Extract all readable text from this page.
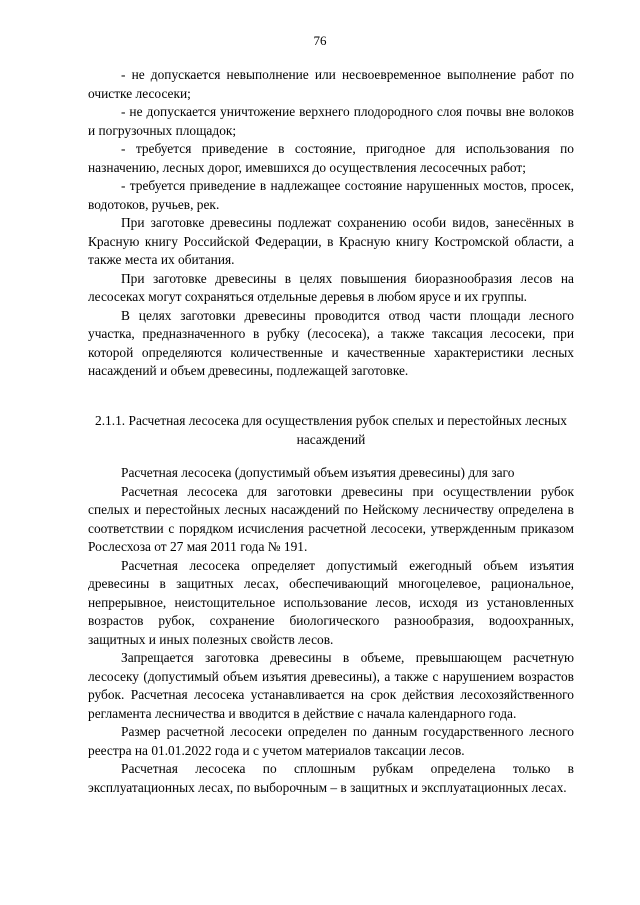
76

- не допускается невыполнение или несвоевременное выполнение работ по очистке лесосеки;

- не допускается уничтожение верхнего плодородного слоя почвы вне волоков и погрузочных площадок;

- требуется приведение в состояние, пригодное для использования по назначению, лесных дорог, имевшихся до осуществления лесосечных работ;

- требуется приведение в надлежащее состояние нарушенных мостов, просек, водотоков, ручьев, рек.

При заготовке древесины подлежат сохранению особи видов, занесённых в Красную книгу Российской Федерации, в Красную книгу Костромской области, а также места их обитания.

При заготовке древесины в целях повышения биоразнообразия лесов на лесосеках могут сохраняться отдельные деревья в любом ярусе и их группы.

В целях заготовки древесины проводится отвод части площади лесного участка, предназначенного в рубку (лесосека), а также таксация лесосеки, при которой определяются количественные и качественные характеристики лесных насаждений и объем древесины, подлежащей заготовке.

2.1.1. Расчетная лесосека для осуществления рубок спелых и перестойных лесных насаждений

Расчетная лесосека (допустимый объем изъятия древесины) для заго

Расчетная лесосека для заготовки древесины при осуществлении рубок спелых и перестойных лесных насаждений по Нейскому лесничеству определена в соответствии с порядком исчисления расчетной лесосеки, утвержденным приказом Рослесхоза от 27 мая 2011 года № 191.

Расчетная лесосека определяет допустимый ежегодный объем изъятия древесины в защитных лесах, обеспечивающий многоцелевое, рациональное, непрерывное, неистощительное использование лесов, исходя из установленных возрастов рубок, сохранение биологического разнообразия, водоохранных, защитных и иных полезных свойств лесов.

Запрещается заготовка древесины в объеме, превышающем расчетную лесосеку (допустимый объем изъятия древесины), а также с нарушением возрастов рубок. Расчетная лесосека устанавливается на срок действия лесохозяйственного регламента лесничества и вводится в действие с начала календарного года.

Размер расчетной лесосеки определен по данным государственного лесного реестра на 01.01.2022 года и с учетом материалов таксации лесов.

Расчетная лесосека по сплошным рубкам определена только в эксплуатационных лесах, по выборочным – в защитных и эксплуатационных лесах.
